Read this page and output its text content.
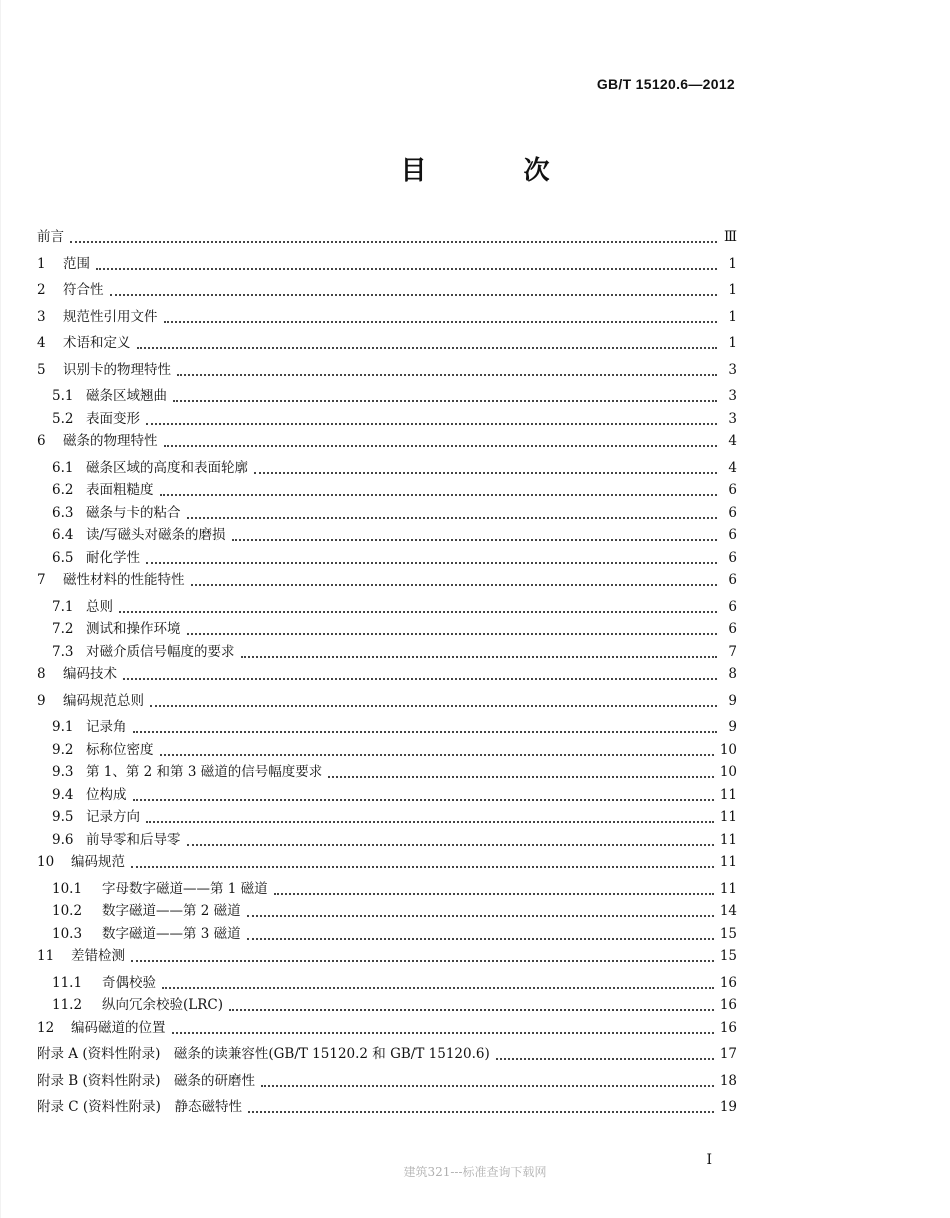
GB/T 15120.6—2012
目 次
前言	Ⅲ
1	范围	1
2	符合性	1
3	规范性引用文件	1
4	术语和定义	1
5	识别卡的物理特性	3
5.1 磁条区域翘曲	3
5.2 表面变形	3
6	磁条的物理特性	4
6.1 磁条区域的高度和表面轮廓	4
6.2 表面粗糙度	6
6.3 磁条与卡的粘合	6
6.4 读/写磁头对磁条的磨损	6
6.5 耐化学性	6
7	磁性材料的性能特性	6
7.1 总则	6
7.2 测试和操作环境	6
7.3 对磁介质信号幅度的要求	7
8	编码技术	8
9	编码规范总则	9
9.1 记录角	9
9.2 标称位密度	10
9.3 第 1、第 2 和第 3 磁道的信号幅度要求	10
9.4 位构成	11
9.5 记录方向	11
9.6 前导零和后导零	11
10	编码规范	11
10.1	字母数字磁道——第 1 磁道	11
10.2	数字磁道——第 2 磁道	14
10.3	数字磁道——第 3 磁道	15
11	差错检测	15
11.1	奇偶校验	16
11.2	纵向冗余校验(LRC)	16
12	编码磁道的位置	16
附录 A (资料性附录)　磁条的读兼容性(GB/T 15120.2 和 GB/T 15120.6)	17
附录 B (资料性附录)　磁条的研磨性	18
附录 C (资料性附录)　静态磁特性	19
I
建筑321---标准查询下载网
